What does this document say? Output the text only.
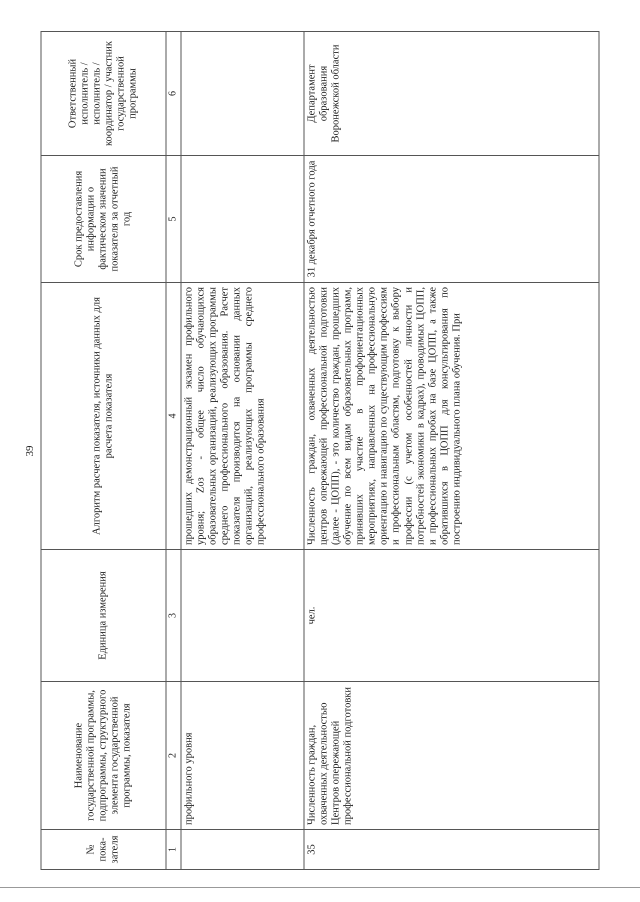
39
№ пока-зателя	Наименование государственной программы, подпрограммы, структурного элемента государственной программы, показателя	Единица измерения	Алгоритм расчета показателя, источники данных для расчета показателя	Срок предоставления информации о фактическом значении показателя за отчетный год	Ответственный исполнитель / исполнитель / координатор / участник государственной программы
1	2	3	4	5	6
	профильного уровня		прошедших демонстрационный экзамен профильного уровня; Zоз - общее число обучающихся образовательных организаций, реализующих программы среднего профессионального образования. Расчет показателя производится на основании данных организаций, реализующих программы среднего профессионального образования		
35	Численность граждан, охваченных деятельностью Центров опережающей профессиональной подготовки	чел.	Численность граждан, охваченных деятельностью центров опережающей профессиональной подготовки (далее - ЦОПП), - это количество граждан, прошедших обучение по всем видам образовательных программ, принявших участие в профориентационных мероприятиях, направленных на профессиональную ориентацию и навигацию по существующим профессиям и профессиональным областям, подготовку к выбору профессии (с учетом особенностей личности и потребностей экономики в кадрах), проводимых ЦОПП, и профессиональных пробах на базе ЦОПП, а также обратившихся в ЦОПП для консультирования по построению индивидуального плана обучения. При	31 декабря отчетного года	Департамент образования Воронежской области
